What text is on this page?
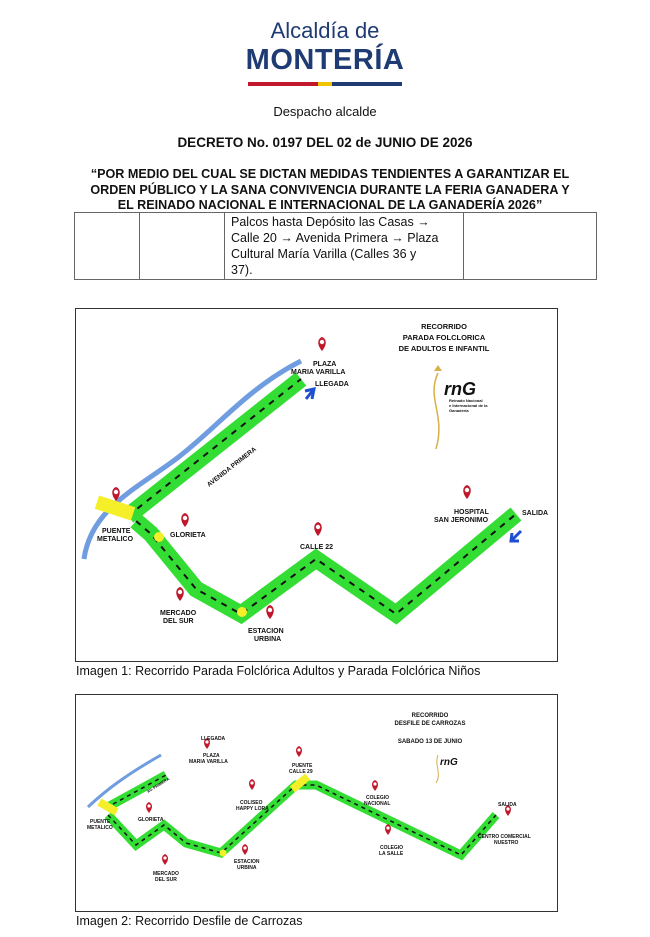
Alcaldía de
MONTERÍA
Despacho alcalde
DECRETO No. 0197 DEL 02 de JUNIO DE 2026
“POR MEDIO DEL CUAL SE DICTAN MEDIDAS TENDIENTES A GARANTIZAR EL
ORDEN PÚBLICO Y LA SANA CONVIVENCIA DURANTE LA FERIA GANADERA Y
EL REINADO NACIONAL E INTERNACIONAL DE LA GANADERÍA 2026”

Palcos hasta Depósito las Casas →
Calle 20 → Avenida Primera → Plaza
Cultural María Varilla (Calles 36 y
37).

PLAZA
MARIA VARILLA
LLEGADA
AVENIDA PRIMERA
PUENTE
METALICO
GLORIETA
CALLE 22
HOSPITAL
SAN JERONIMO
SALIDA
MERCADO
DEL SUR
ESTACION
URBINA
RECORRIDO
PARADA FOLCLORICA
DE ADULTOS E INFANTIL
rnG
Reinado Nacional
e Internacional de la
Ganadería
Imagen 1: Recorrido Parada Folclórica Adultos y Parada Folclórica Niños
LLEGADA
PLAZA
MARIA VARILLA
AV. PRIMERA
PUENTE
CALLE 29
COLISEO
HAPPY LORA
COLEGIO
NACIONAL	SALIDA
PUENTE
METALICO
GLORIETA
ESTACION
URBINA
MERCADO
DEL SUR
COLEGIO
LA SALLE
CENTRO COMERCIAL
NUESTRO
RECORRIDO
DESFILE DE CARROZAS
SABADO 13 DE JUNIO
rnG
Imagen 2: Recorrido Desfile de Carrozas
